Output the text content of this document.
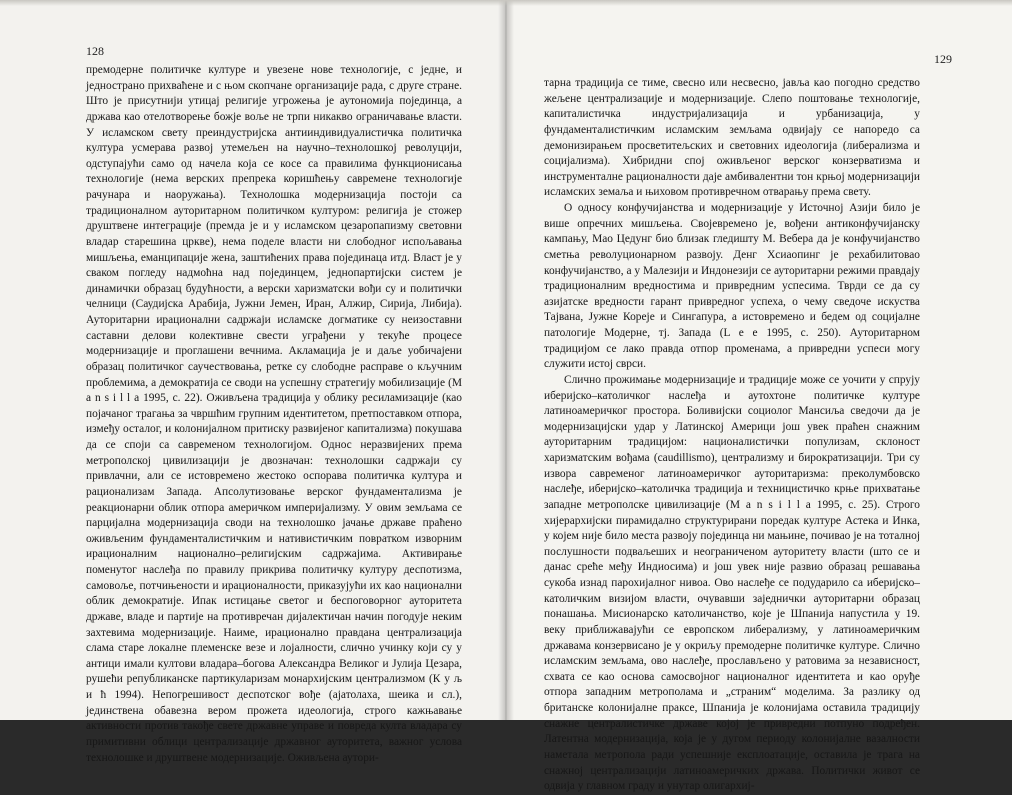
128

премодерне политичке културе и увезене нове технологије, с једне, и једнострано прихваћене и с њом скопчане организације рада, с друге стране. Што је присутнији утицај религије угрожења је аутономија појединца, а држава као отелотворење божје воље не трпи никакво ограничавање власти. У исламском свету преиндустријска антииндивидуалистичка политичка култура усмерава развој утемељен на научно–технолошкој револуцији, одступајући само од начела која се косе са правилима функционисања технологије (нема верских препрека коришћењу савремене технологије рачунара и наоружања). Технолошка модернизација постоји са традиционалном ауторитарном политичком културом: религија је стожер друштвене интеграције (премда је и у исламском цезаропапизму световни владар старешина цркве), нема поделе власти ни слободног испољавања мишљења, еманципације жена, заштићених права појединаца итд. Власт је у сваком погледу надмоћна над појединцем, једнопартијски систем је динамички образац будућности, а верски харизматски вођи су и политички челници (Саудијска Арабија, Јужни Јемен, Иран, Алжир, Сирија, Либија). Ауторитарни ирационални садржаји исламске догматике су неизоставни саставни делови колективне свести уграђени у текуће процесе модернизације и проглашени вечнима. Акламација је и даље уобичајени образац политичког саучествовања, ретке су слободне расправе о кључним проблемима, а демократија се своди на успешну стратегију мобилизације (М а n s i l l а 1995, с. 22). Оживљена традиција у облику ресиламизације (као појачаног трагања за чвршћим групним идентитетом, претпоставком отпора, између осталог, и колонијалном притиску развијеног капитализма) покушава да се споји са савременом технологијом. Однос неразвијених према метрополској цивилизацији је двозначан: технолошки садржаји су привлачни, али се истовремено жестоко оспорава политичка култура и рационализам Запада. Апсолутизовање верског фундаментализма је реакционарни облик отпора америчком империјализму. У овим земљама се парцијална модернизација своди на технолошко јачање државе праћено оживљеним фундаменталистичким и нативистичким повратком изворним ирационалним национално–религијским садржајима. Активирање поменутог наслеђа по правилу прикрива политичку културу деспотизма, самовоље, потчињености и ирационалности, приказујући их као национални облик демократије. Ипак истицање светог и беспоговорног ауторитета државе, владе и партије на противречан дијалектичан начин погодује неким захтевима модернизације. Наиме, ирационално правдана централизација слама старе локалне племенске везе и лојалности, слично учинку који су у антици имали култови владара–богова Александра Великог и Јулија Цезара, рушећи републиканске партикуларизам монархијским централизмом (К у љ и ћ 1994). Непогрешивост деспотског вође (ајатолаха, шеика и сл.), јединствена обавезна вером прожета идеологија, строго кажњавање активности против такође свете државне управе и повреда култа владара су примитивни облици централизације државног ауторитета, важног услова технолошке и друштвене модернизације. Оживљена аутори-

129

тарна традиција се тиме, свесно или несвесно, јавља као погодно средство жељене централизације и модернизације. Слепо поштовање технологије, капиталистичка индустријализација и урбанизација, у фундаменталистичким исламским земљама одвијају се напоредо са демонизирањем просветитељских и световних идеологија (либерализма и социјализма). Хибридни спој оживљеног верског конзерватизма и инструменталне рационалности даје амбивалентни тон крњој модернизацији исламских земаља и њиховом противречном отварању према свету.

О односу конфучијанства и модернизације у Источној Азији било је више опречних мишљења. Својевремено је, вођени антиконфучијанску кампању, Мао Цедунг био близак гледишту М. Вебера да је конфучијанство сметња револуционарном развоју. Денг Хсиаопинг је рехабилитовао конфучијанство, а у Малезији и Индонезији се ауторитарни режими правдају традиционалним вредностима и привредним успесима. Тврди се да су азијатске вредности гарант привредног успеха, о чему сведоче искуства Тајвана, Јужне Кореје и Сингапура, а истовремено и бедем од социјалне патологије Модерне, тј. Запада (L e e 1995, с. 250). Ауторитарном традицијом се лако правда отпор променама, а привредни успеси могу служити истој сврси.

Слично прожимање модернизације и традиције може се уочити у спрују иберијско–католичког наслеђа и аутохтоне политичке културе латиноамеричког простора. Боливијски социолог Мансиља сведочи да је модернизацијски удар у Латинској Америци још увек праћен снажним ауторитарним традицијом: националистички популизам, склоност харизматским вођама (caudillismo), централизму и бирократизацији. Три су извора савременог латиноамеричког ауторитаризма: преколумбовско наслеђе, иберијско–католичка традиција и техницистичко крње прихватање западне метрополске цивилизације (М а n s i l l а 1995, с. 25). Строго хијерархијски пирамидално структурирани поредак културе Астека и Инка, у којем није било места развоју појединца ни мањине, почивао је на тоталној послушности подваљеших и неограниченом ауторитету власти (што се и данас среће међу Индиосима) и још увек није развио образац решавања сукоба изнад парохијалног нивоа. Ово наслеђе се подударило са иберијско–католичким визијом власти, очувавши заједнички ауторитарни образац понашања. Мисионарско католичанство, које је Шпанија напустила у 19. веку приближавајући се европском либерализму, у латиноамеричким државама конзервисано је у окриљу премодерне политичке културе. Слично исламским земљама, ово наслеђе, прослављено у ратовима за независност, схвата се као основа самосвојног националног идентитета и као оруђе отпора западним метрополама и „страним“ моделима. За разлику од британске колонијалне праксе, Шпанија је колонијама оставила традицију снажне централистичке државе којој је привредни потпуно подређен. Латентна модернизација, која је у дугом периоду колонијалне вазалности наметала метропола ради успешније експлоатације, оставила је трага на снажној централизацији латиноамеричких држава. Политички живот се одвија у главном граду и унутар олигархиј-
